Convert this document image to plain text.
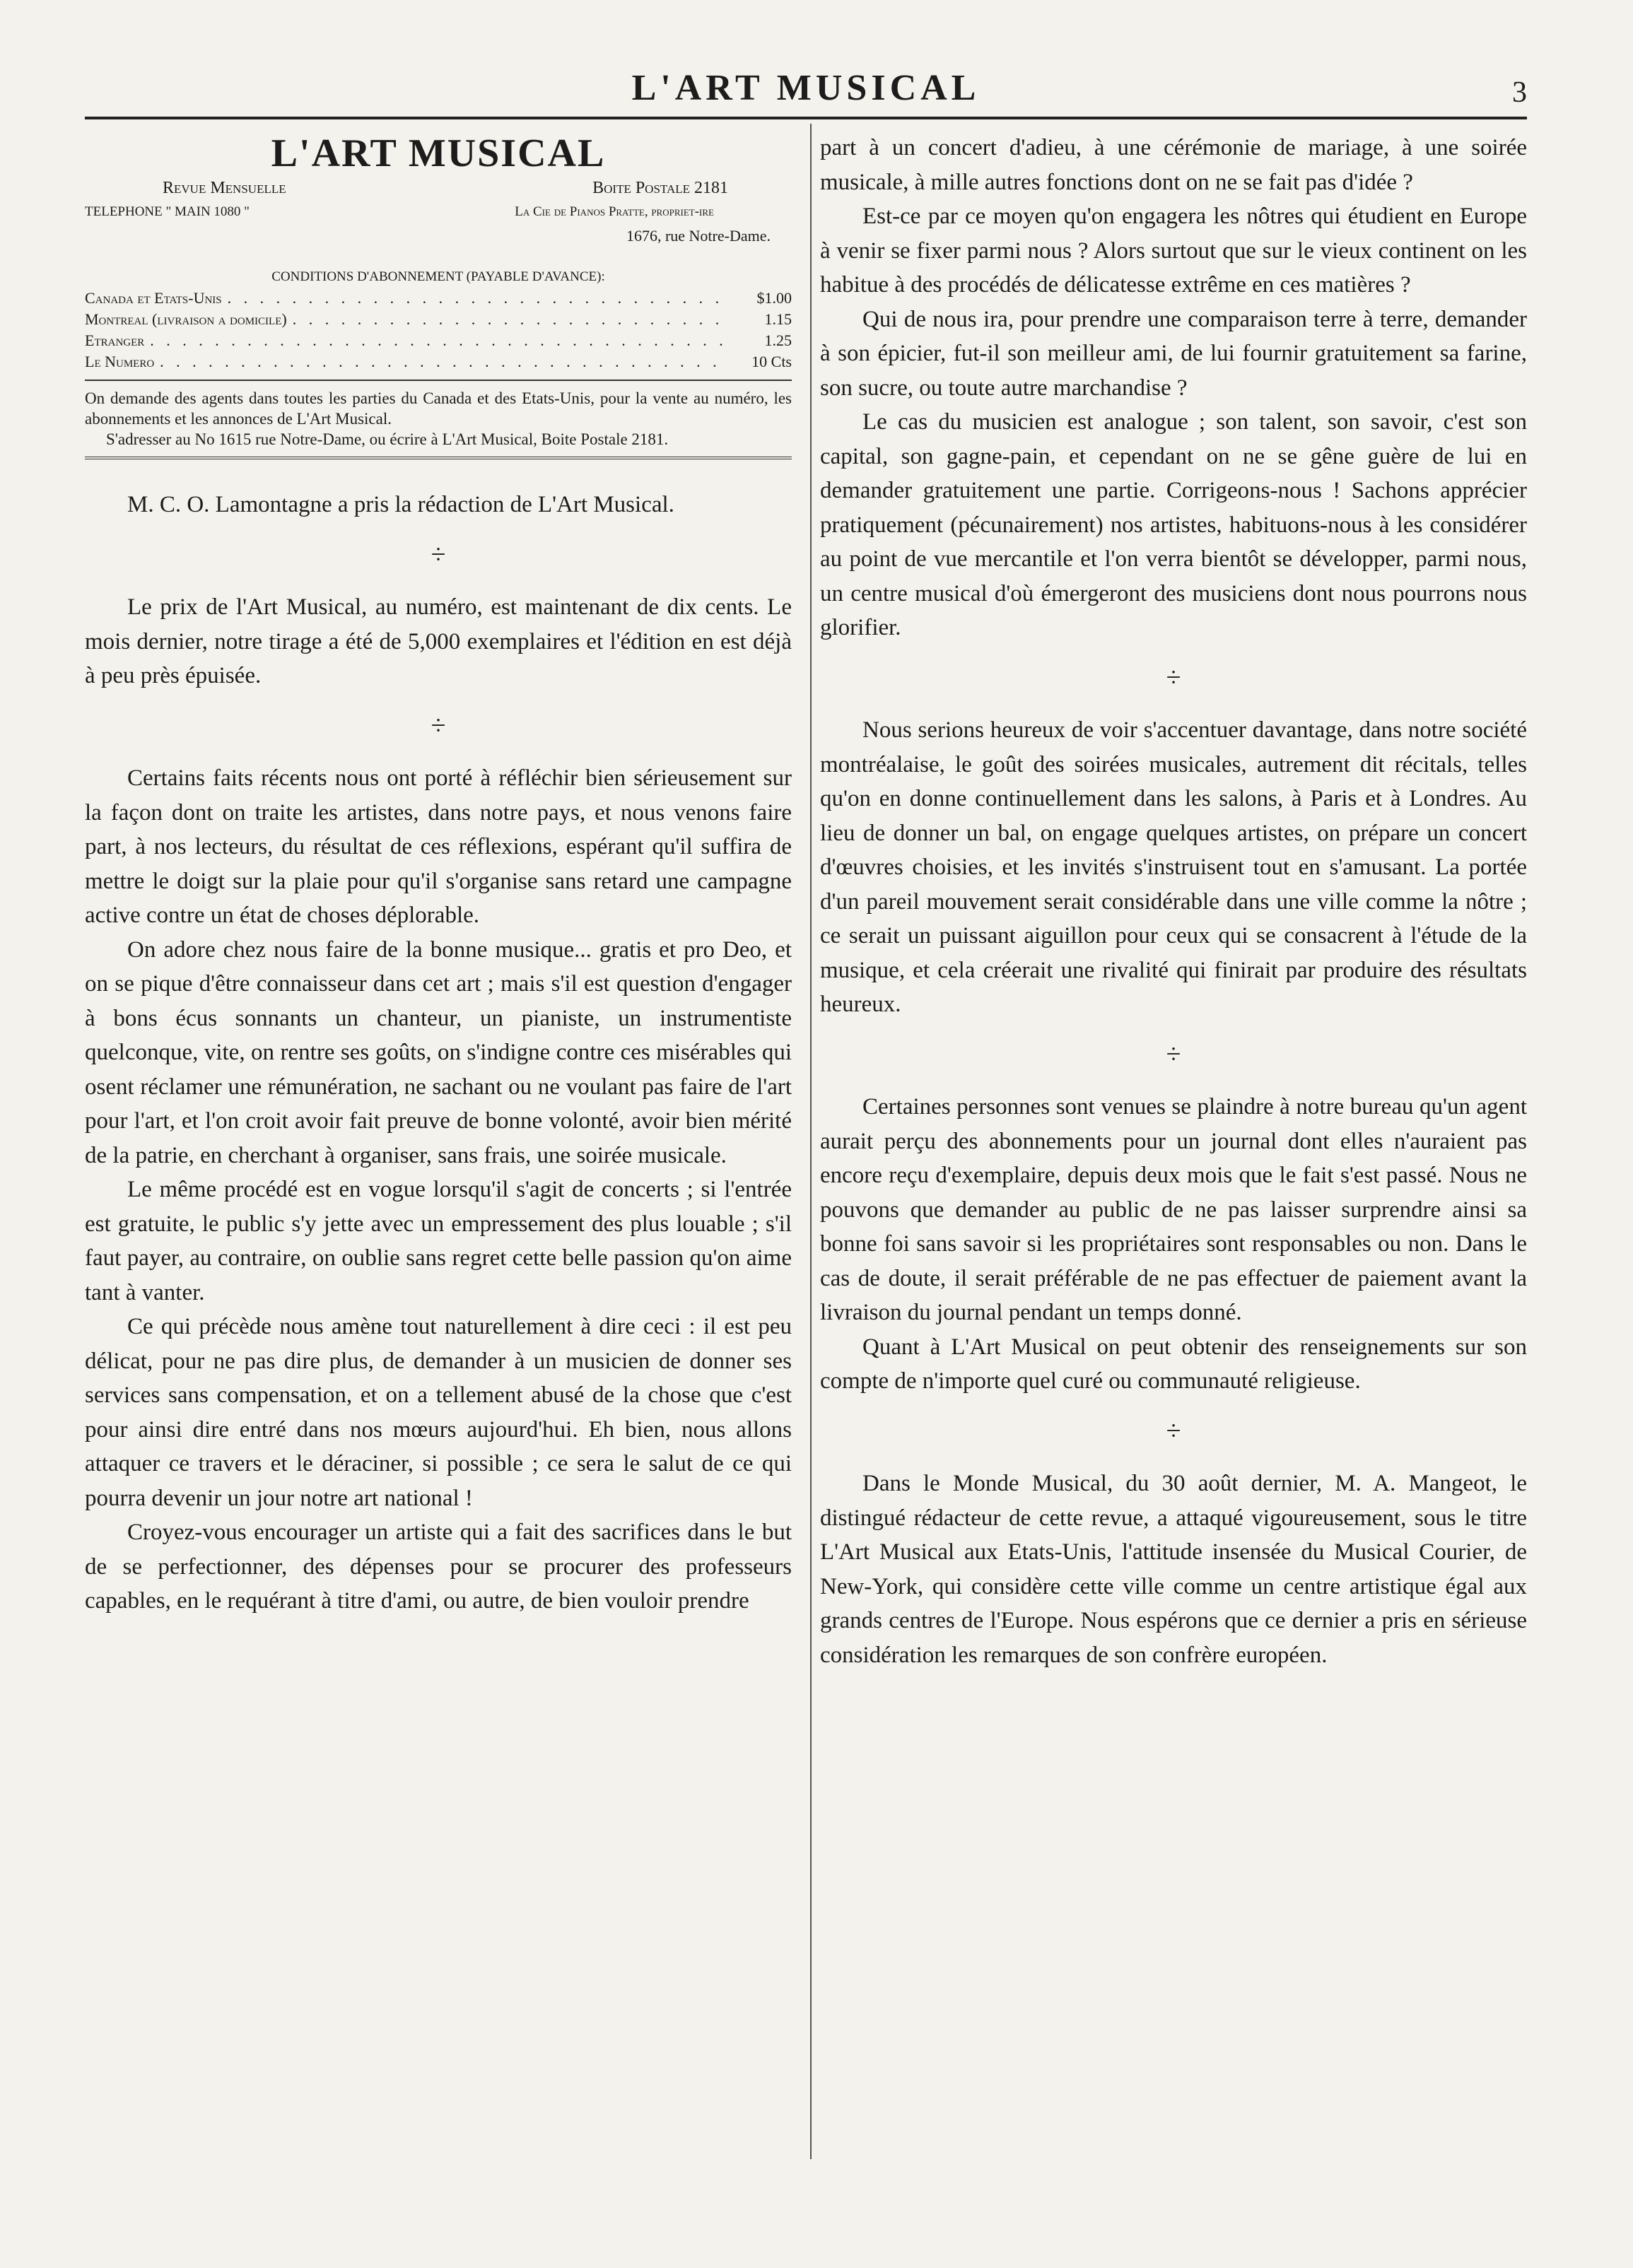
L'ART MUSICAL	3
L'ART MUSICAL
Revue Mensuelle	Boite Postale 2181
TELEPHONE " MAIN 1080 "	La Cie de Pianos Pratte, propriet-ire
1676, rue Notre-Dame.
CONDITIONS D'ABONNEMENT (PAYABLE D'AVANCE):
Canada et Etats-Unis . . .	$1.00
Montreal (livraison a domicile) . . .	1.15
Etranger . . .	1.25
Le Numero . . .	10 Cts

On demande des agents dans toutes les parties du Canada et des Etats-Unis, pour la vente au numéro, les abonnements et les annonces de L'Art Musical.

S'adresser au No 1615 rue Notre-Dame, ou écrire à L'Art Musical, Boite Postale 2181.

M. C. O. Lamontagne a pris la rédaction de L'Art Musical.

÷

Le prix de l'Art Musical, au numéro, est maintenant de dix cents. Le mois dernier, notre tirage a été de 5,000 exemplaires et l'édition en est déjà à peu près épuisée.

÷

Certains faits récents nous ont porté à réfléchir bien sérieusement sur la façon dont on traite les artistes, dans notre pays, et nous venons faire part, à nos lecteurs, du résultat de ces réflexions, espérant qu'il suffira de mettre le doigt sur la plaie pour qu'il s'organise sans retard une campagne active contre un état de choses déplorable.

On adore chez nous faire de la bonne musique... gratis et pro Deo, et on se pique d'être connaisseur dans cet art ; mais s'il est question d'engager à bons écus sonnants un chanteur, un pianiste, un instrumentiste quelconque, vite, on rentre ses goûts, on s'indigne contre ces misérables qui osent réclamer une rémunération, ne sachant ou ne voulant pas faire de l'art pour l'art, et l'on croit avoir fait preuve de bonne volonté, avoir bien mérité de la patrie, en cherchant à organiser, sans frais, une soirée musicale.

Le même procédé est en vogue lorsqu'il s'agit de concerts ; si l'entrée est gratuite, le public s'y jette avec un empressement des plus louable ; s'il faut payer, au contraire, on oublie sans regret cette belle passion qu'on aime tant à vanter.

Ce qui précède nous amène tout naturellement à dire ceci : il est peu délicat, pour ne pas dire plus, de demander à un musicien de donner ses services sans compensation, et on a tellement abusé de la chose que c'est pour ainsi dire entré dans nos mœurs aujourd'hui. Eh bien, nous allons attaquer ce travers et le déraciner, si possible ; ce sera le salut de ce qui pourra devenir un jour notre art national !

Croyez-vous encourager un artiste qui a fait des sacrifices dans le but de se perfectionner, des dépenses pour se procurer des professeurs capables, en le requérant à titre d'ami, ou autre, de bien vouloir prendre

part à un concert d'adieu, à une cérémonie de mariage, à une soirée musicale, à mille autres fonctions dont on ne se fait pas d'idée ?

Est-ce par ce moyen qu'on engagera les nôtres qui étudient en Europe à venir se fixer parmi nous ? Alors surtout que sur le vieux continent on les habitue à des procédés de délicatesse extrême en ces matières ?

Qui de nous ira, pour prendre une comparaison terre à terre, demander à son épicier, fut-il son meilleur ami, de lui fournir gratuitement sa farine, son sucre, ou toute autre marchandise ?

Le cas du musicien est analogue ; son talent, son savoir, c'est son capital, son gagne-pain, et cependant on ne se gêne guère de lui en demander gratuitement une partie. Corrigeons-nous ! Sachons apprécier pratiquement (pécunairement) nos artistes, habituons-nous à les considérer au point de vue mercantile et l'on verra bientôt se développer, parmi nous, un centre musical d'où émergeront des musiciens dont nous pourrons nous glorifier.

÷

Nous serions heureux de voir s'accentuer davantage, dans notre société montréalaise, le goût des soirées musicales, autrement dit récitals, telles qu'on en donne continuellement dans les salons, à Paris et à Londres. Au lieu de donner un bal, on engage quelques artistes, on prépare un concert d'œuvres choisies, et les invités s'instruisent tout en s'amusant. La portée d'un pareil mouvement serait considérable dans une ville comme la nôtre ; ce serait un puissant aiguillon pour ceux qui se consacrent à l'étude de la musique, et cela créerait une rivalité qui finirait par produire des résultats heureux.

÷

Certaines personnes sont venues se plaindre à notre bureau qu'un agent aurait perçu des abonnements pour un journal dont elles n'auraient pas encore reçu d'exemplaire, depuis deux mois que le fait s'est passé. Nous ne pouvons que demander au public de ne pas laisser surprendre ainsi sa bonne foi sans savoir si les propriétaires sont responsables ou non. Dans le cas de doute, il serait préférable de ne pas effectuer de paiement avant la livraison du journal pendant un temps donné.

Quant à L'Art Musical on peut obtenir des renseignements sur son compte de n'importe quel curé ou communauté religieuse.

÷

Dans le Monde Musical, du 30 août dernier, M. A. Mangeot, le distingué rédacteur de cette revue, a attaqué vigoureusement, sous le titre L'Art Musical aux Etats-Unis, l'attitude insensée du Musical Courier, de New-York, qui considère cette ville comme un centre artistique égal aux grands centres de l'Europe. Nous espérons que ce dernier a pris en sérieuse considération les remarques de son confrère européen.
